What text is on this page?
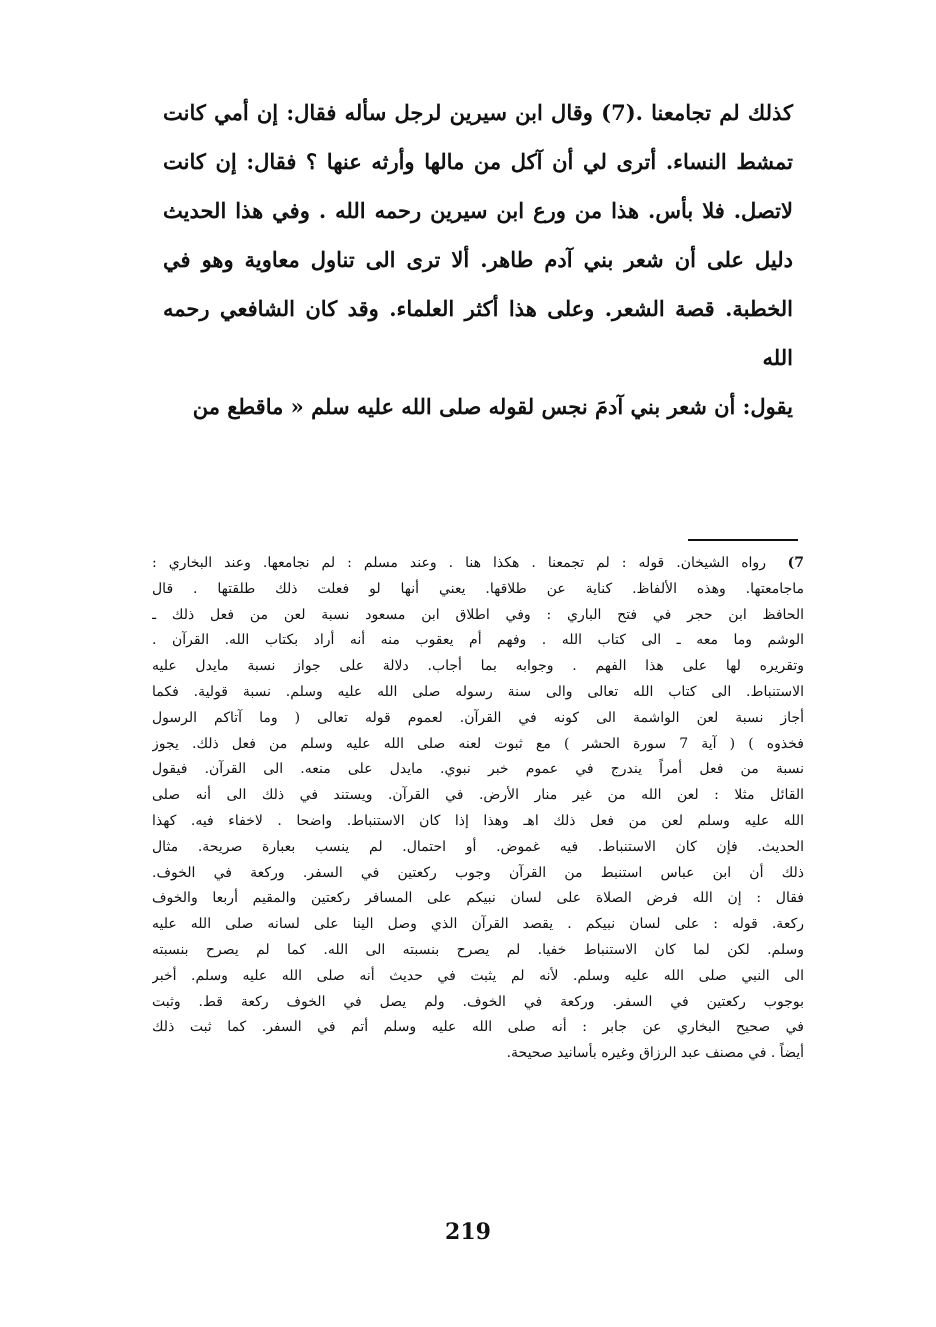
كذلك لم تجامعنا .(7) وقال ابن سيرين لرجل سأله فقال: إن أمي كانت

تمشط النساء. أترى لي أن آكل من مالها وأرثه عنها ؟ فقال: إن كانت

لاتصل. فلا بأس. هذا من ورع ابن سيرين رحمه الله . وفي هذا الحديث

دليل على أن شعر بني آدم طاهر. ألا ترى الى تناول معاوية وهو في

الخطبة. قصة الشعر. وعلى هذا أكثر العلماء. وقد كان الشافعي رحمه الله

يقول: أن شعر بني آدمَ نجس لقوله صلى الله عليه سلم « ماقطع من

7) رواه الشيخان. قوله : لم تجمعنا . هكذا هنا . وعند مسلم : لم نجامعها. وعند البخاري :

ماجامعتها. وهذه الألفاظ. كناية عن طلاقها. يعني أنها لو فعلت ذلك طلقتها . قال

الحافظ ابن حجر في فتح الباري : وفي اطلاق ابن مسعود نسبة لعن من فعل ذلك ـ

الوشم وما معه ـ الى كتاب الله . وفهم أم يعقوب منه أنه أراد بكتاب الله. القرآن .

وتقريره لها على هذا الفهم . وجوابه بما أجاب. دلالة على جواز نسبة مايدل عليه

الاستنباط. الى كتاب الله تعالى والى سنة رسوله صلى الله عليه وسلم. نسبة قولية. فكما

أجاز نسبة لعن الواشمة الى كونه في القرآن. لعموم قوله تعالى ( وما آتاكم الرسول

فخذوه ) ( آية 7 سورة الحشر ) مع ثبوت لعنه صلى الله عليه وسلم من فعل ذلك. يجوز

نسبة من فعل أمراً يندرج في عموم خبر نبوي. مايدل على منعه. الى القرآن. فيقول

القائل مثلا : لعن الله من غير منار الأرض. في القرآن. ويستند في ذلك الى أنه صلى

الله عليه وسلم لعن من فعل ذلك اهـ وهذا إذا كان الاستنباط. واضحا . لاخفاء فيه. كهذا

الحديث. فإن كان الاستنباط. فيه غموض. أو احتمال. لم ينسب بعبارة صريحة. مثال

ذلك أن ابن عباس استنبط من القرآن وجوب ركعتين في السفر. وركعة في الخوف.

فقال : إن الله فرض الصلاة على لسان نبيكم على المسافر ركعتين والمقيم أربعا والخوف

ركعة. قوله : على لسان نبيكم . يقصد القرآن الذي وصل الينا على لسانه صلى الله عليه

وسلم. لكن لما كان الاستنباط خفيا. لم يصرح بنسبته الى الله. كما لم يصرح بنسبته

الى النبي صلى الله عليه وسلم. لأنه لم يثبت في حديث أنه صلى الله عليه وسلم. أخبر

بوجوب ركعتين في السفر. وركعة في الخوف. ولم يصل في الخوف ركعة قط. وثبت

في صحيح البخاري عن جابر : أنه صلى الله عليه وسلم أتم في السفر. كما ثبت ذلك

أيضاً . في مصنف عبد الرزاق وغيره بأسانيد صحيحة.

219
